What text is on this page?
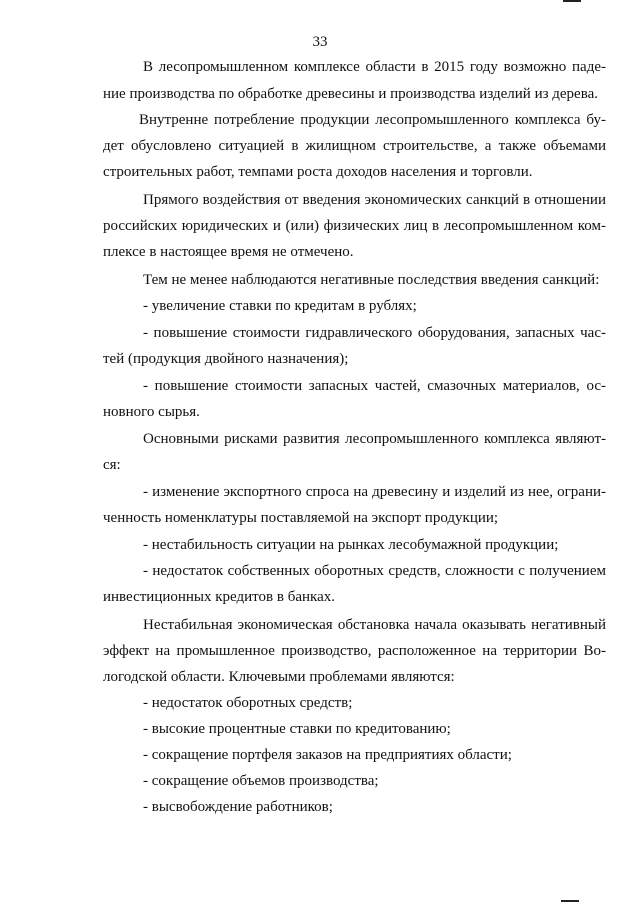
33
В лесопромышленном комплексе области в 2015 году возможно паде-
ние производства по обработке древесины и производства изделий из дерева.
Внутренне потребление продукции лесопромышленного комплекса бу-
дет обусловлено ситуацией в жилищном строительстве, а также объемами
строительных работ, темпами роста доходов населения и торговли.
Прямого воздействия от введения экономических санкций в отношении
российских юридических и (или) физических лиц в лесопромышленном ком-
плексе в настоящее время не отмечено.
Тем не менее наблюдаются негативные последствия введения санкций:
- увеличение ставки по кредитам в рублях;
- повышение стоимости гидравлического оборудования, запасных час-
тей (продукция двойного назначения);
- повышение стоимости запасных частей, смазочных материалов, ос-
новного сырья.
Основными рисками развития лесопромышленного комплекса являют-
ся:
- изменение экспортного спроса на древесину и изделий из нее, ограни-
ченность номенклатуры поставляемой на экспорт продукции;
- нестабильность ситуации на рынках лесобумажной продукции;
- недостаток собственных оборотных средств, сложности с получением
инвестиционных кредитов в банках.
Нестабильная экономическая обстановка начала оказывать негативный
эффект на промышленное производство, расположенное на территории Во-
логодской области. Ключевыми проблемами являются:
- недостаток оборотных средств;
- высокие процентные ставки по кредитованию;
- сокращение портфеля заказов на предприятиях области;
- сокращение объемов производства;
- высвобождение работников;
